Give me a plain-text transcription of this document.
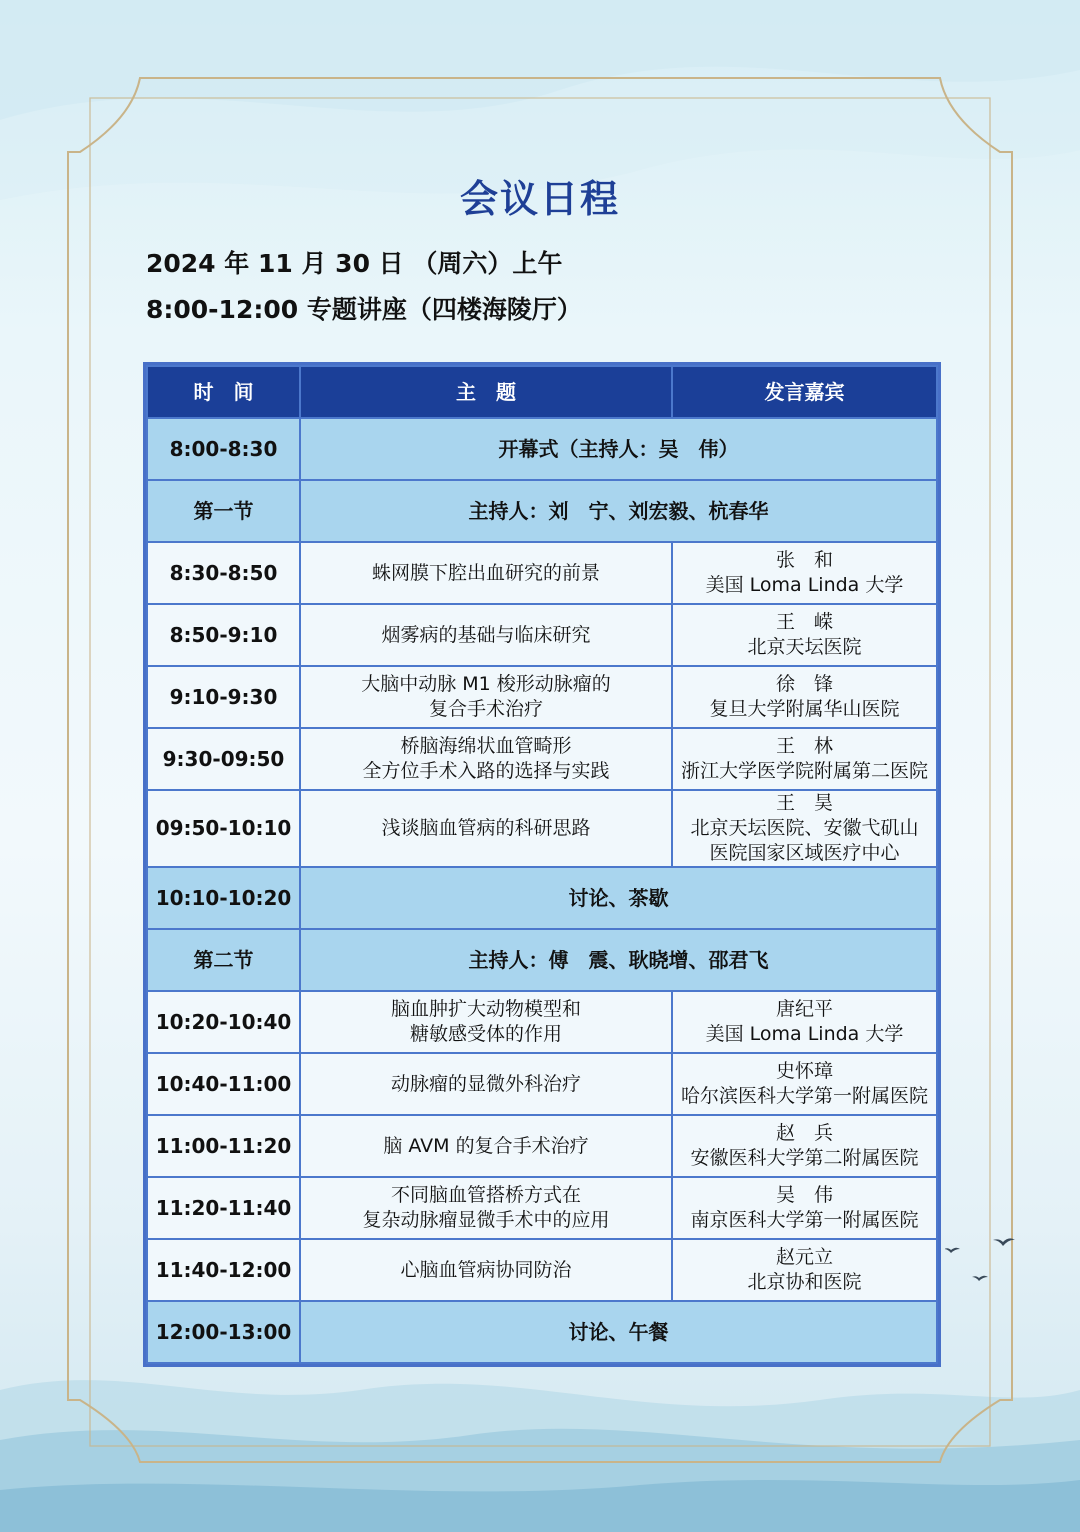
会议日程
2024 年 11 月 30 日 （周六）上午
8:00-12:00 专题讲座（四楼海陵厅）
时　间	主　题	发言嘉宾
8:00-8:30	开幕式（主持人：吴　伟）	
第一节	主持人：刘　宁、刘宏毅、杭春华	
8:30-8:50	蛛网膜下腔出血研究的前景	张　和
美国 Loma Linda 大学

8:50-9:10	烟雾病的基础与临床研究	王　嵘
北京天坛医院

9:10-9:30	大脑中动脉 M1 梭形动脉瘤的
复合手术治疗	徐　锋
复旦大学附属华山医院

9:30-09:50	桥脑海绵状血管畸形
全方位手术入路的选择与实践	王　林
浙江大学医学院附属第二医院

09:50-10:10	浅谈脑血管病的科研思路	王　昊
北京天坛医院、安徽弋矶山
医院国家区域医疗中心

10:10-10:20	讨论、茶歇	
第二节	主持人：傅　震、耿晓增、邵君飞	
10:20-10:40	脑血肿扩大动物模型和
糖敏感受体的作用	唐纪平
美国 Loma Linda 大学

10:40-11:00	动脉瘤的显微外科治疗	史怀璋
哈尔滨医科大学第一附属医院

11:00-11:20	脑 AVM 的复合手术治疗	赵　兵
安徽医科大学第二附属医院

11:20-11:40	不同脑血管搭桥方式在
复杂动脉瘤显微手术中的应用	吴　伟
南京医科大学第一附属医院

11:40-12:00	心脑血管病协同防治	赵元立
北京协和医院

12:00-13:00	讨论、午餐	
